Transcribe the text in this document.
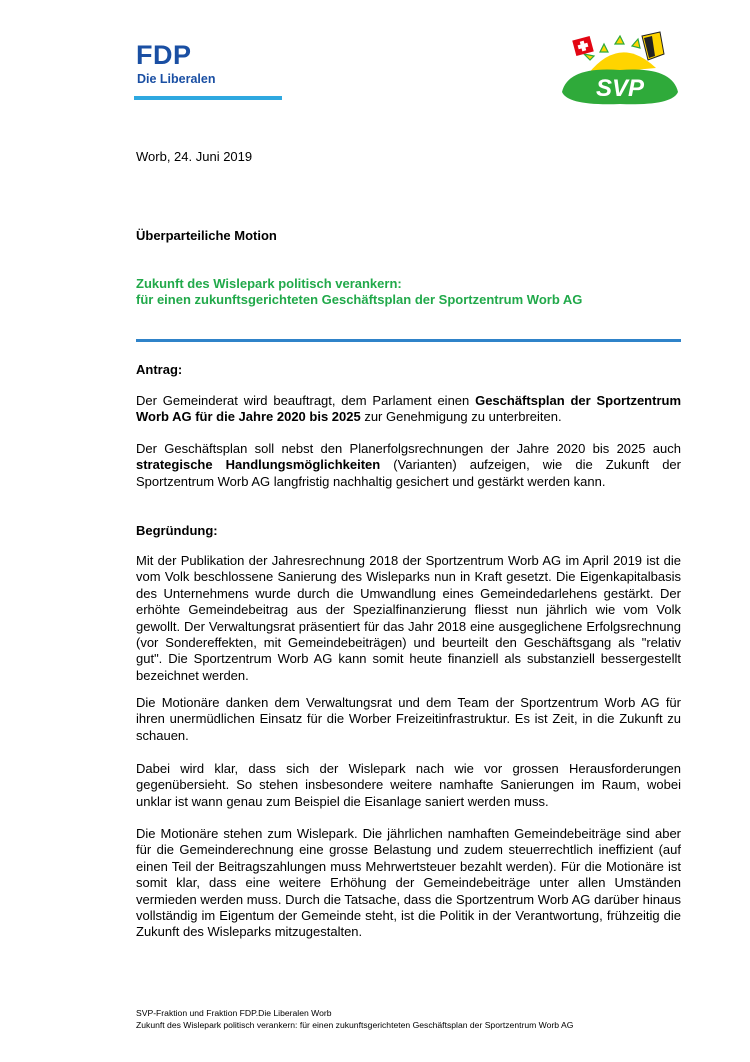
FDP
Die Liberalen	SVP
Worb, 24. Juni 2019
Überparteiliche Motion
Zukunft des Wislepark politisch verankern:
für einen zukunftsgerichteten Geschäftsplan der Sportzentrum Worb AG
Antrag:
Der Gemeinderat wird beauftragt, dem Parlament einen Geschäftsplan der Sportzentrum Worb AG für die Jahre 2020 bis 2025 zur Genehmigung zu unterbreiten.
Der Geschäftsplan soll nebst den Planerfolgsrechnungen der Jahre 2020 bis 2025 auch strategische Handlungsmöglichkeiten (Varianten) aufzeigen, wie die Zukunft der Sportzentrum Worb AG langfristig nachhaltig gesichert und gestärkt werden kann.
Begründung:
Mit der Publikation der Jahresrechnung 2018 der Sportzentrum Worb AG im April 2019 ist die vom Volk beschlossene Sanierung des Wisleparks nun in Kraft gesetzt. Die Eigenkapitalbasis des Unternehmens wurde durch die Umwandlung eines Gemeindedarlehens gestärkt. Der erhöhte Gemeindebeitrag aus der Spezialfinanzierung fliesst nun jährlich wie vom Volk gewollt. Der Verwaltungsrat präsentiert für das Jahr 2018 eine ausgeglichene Erfolgsrechnung (vor Sondereffekten, mit Gemeindebeiträgen) und beurteilt den Geschäftsgang als "relativ gut". Die Sportzentrum Worb AG kann somit heute finanziell als substanziell bessergestellt bezeichnet werden.
Die Motionäre danken dem Verwaltungsrat und dem Team der Sportzentrum Worb AG für ihren unermüdlichen Einsatz für die Worber Freizeitinfrastruktur. Es ist Zeit, in die Zukunft zu schauen.
Dabei wird klar, dass sich der Wislepark nach wie vor grossen Herausforderungen gegenübersieht. So stehen insbesondere weitere namhafte Sanierungen im Raum, wobei unklar ist wann genau zum Beispiel die Eisanlage saniert werden muss.
Die Motionäre stehen zum Wislepark. Die jährlichen namhaften Gemeindebeiträge sind aber für die Gemeinderechnung eine grosse Belastung und zudem steuerrechtlich ineffizient (auf einen Teil der Beitragszahlungen muss Mehrwertsteuer bezahlt werden). Für die Motionäre ist somit klar, dass eine weitere Erhöhung der Gemeindebeiträge unter allen Umständen vermieden werden muss. Durch die Tatsache, dass die Sportzentrum Worb AG darüber hinaus vollständig im Eigentum der Gemeinde steht, ist die Politik in der Verantwortung, frühzeitig die Zukunft des Wisleparks mitzugestalten.
SVP-Fraktion und Fraktion FDP.Die Liberalen Worb
Zukunft des Wislepark politisch verankern: für einen zukunftsgerichteten Geschäftsplan der Sportzentrum Worb AG
